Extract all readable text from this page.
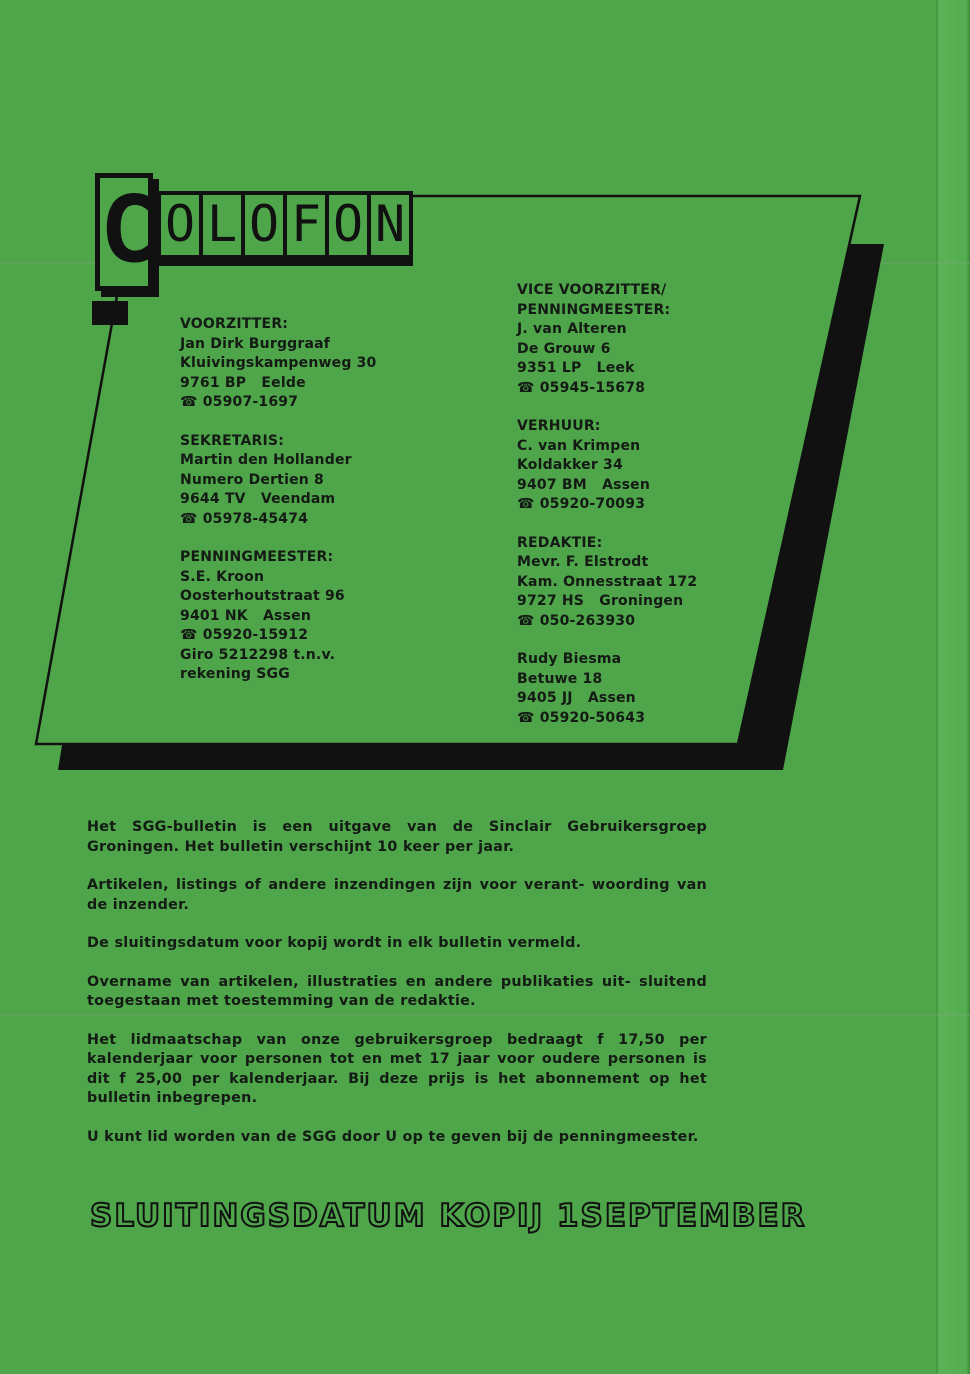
C O L O F O N
VOORZITTER:
Jan Dirk Burggraaf
Kluivingskampenweg 30
9761 BP   Eelde
☎ 05907-1697
SEKRETARIS:
Martin den Hollander
Numero Dertien 8
9644 TV   Veendam
☎ 05978-45474
PENNINGMEESTER:
S.E. Kroon
Oosterhoutstraat 96
9401 NK   Assen
☎ 05920-15912
Giro 5212298 t.n.v.
rekening SGG
VICE VOORZITTER/
PENNINGMEESTER:
J. van Alteren
De Grouw 6
9351 LP   Leek
☎ 05945-15678
VERHUUR:
C. van Krimpen
Koldakker 34
9407 BM   Assen
☎ 05920-70093
REDAKTIE:
Mevr. F. Elstrodt
Kam. Onnesstraat 172
9727 HS   Groningen
☎ 050-263930
Rudy Biesma
Betuwe 18
9405 JJ   Assen
☎ 05920-50643

Het SGG-bulletin is een uitgave van de Sinclair Gebruikersgroep Groningen. Het bulletin verschijnt 10 keer per jaar.

Artikelen, listings of andere inzendingen zijn voor verant- woording van de inzender.

De sluitingsdatum voor kopij wordt in elk bulletin vermeld.

Overname van artikelen, illustraties en andere publikaties uit- sluitend toegestaan met toestemming van de redaktie.

Het lidmaatschap van onze gebruikersgroep bedraagt f 17,50 per kalenderjaar voor personen tot en met 17 jaar voor oudere personen is dit f 25,00 per kalenderjaar. Bij deze prijs is het abonnement op het bulletin inbegrepen.

U kunt lid worden van de SGG door U op te geven bij de penningmeester.

SLUITINGSDATUM KOPIJ 1SEPTEMBER
